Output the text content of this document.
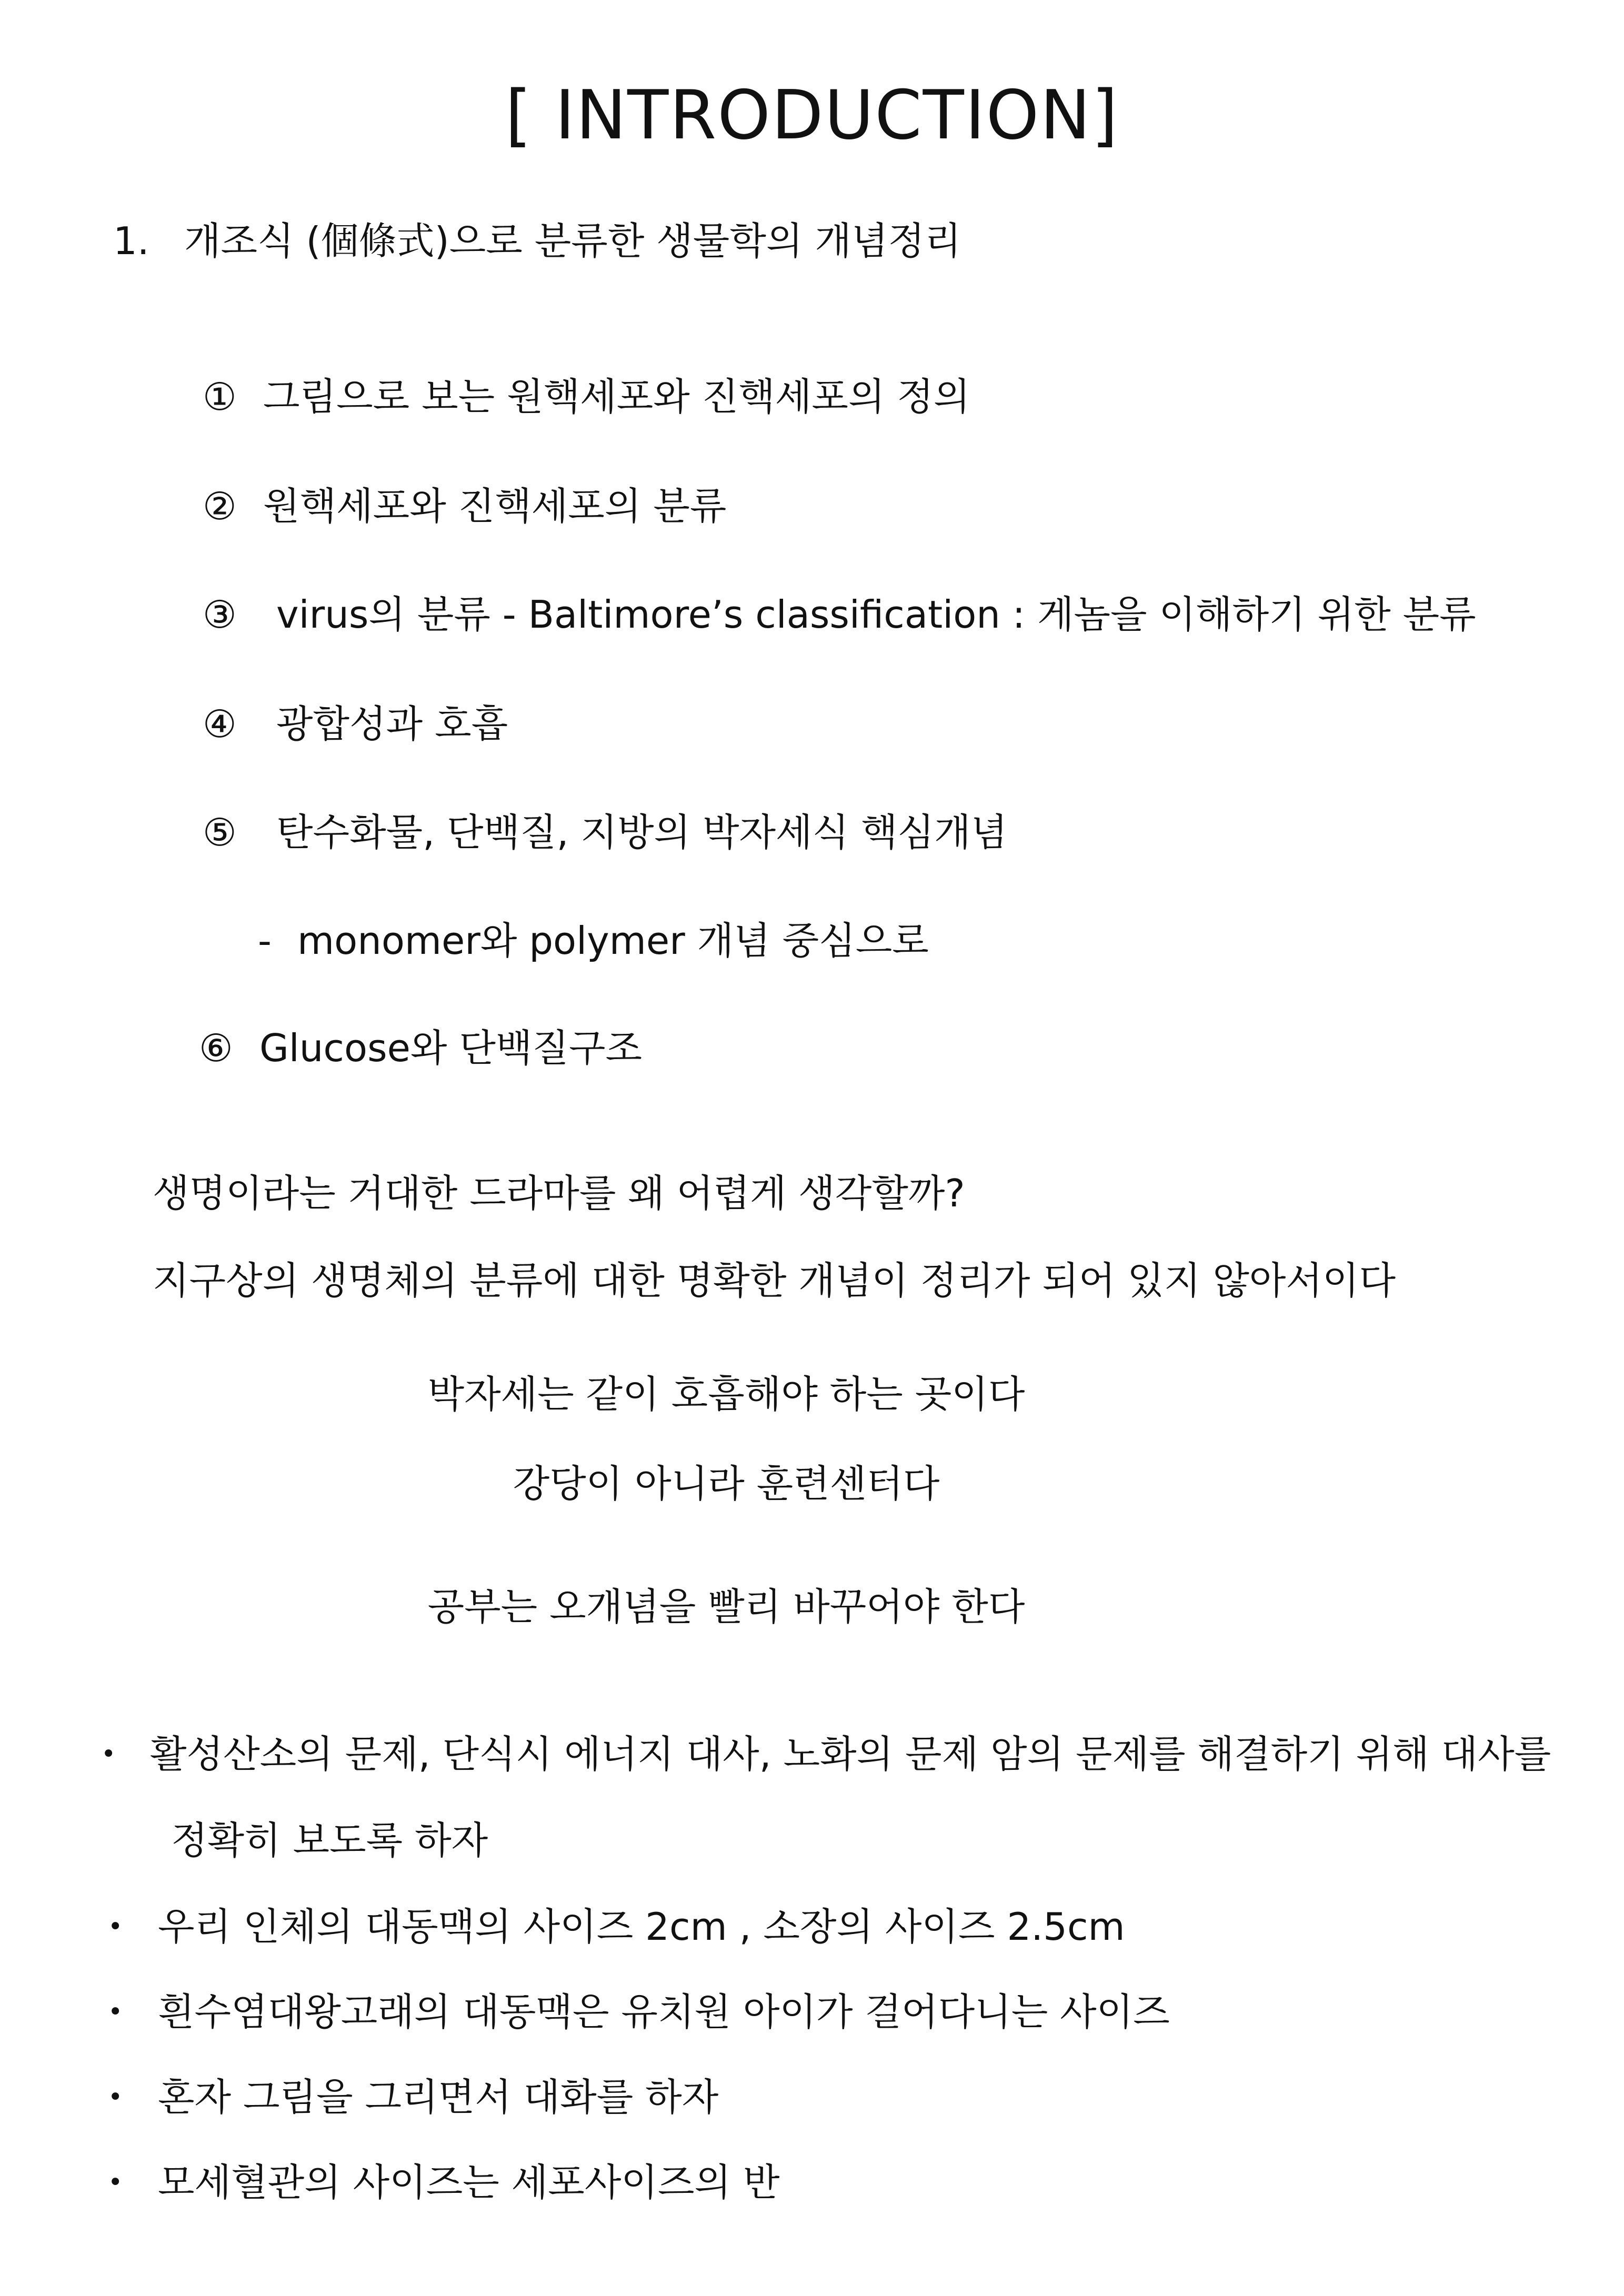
[ INTRODUCTION]
1. 개조식 (個條式)으로 분류한 생물학의 개념정리
① 그림으로 보는 원핵세포와 진핵세포의 정의
② 원핵세포와 진핵세포의 분류
③ virus의 분류 - Baltimore’s classification : 게놈을 이해하기 위한 분류
④ 광합성과 호흡
⑤ 탄수화물, 단백질, 지방의 박자세식 핵심개념
- monomer와 polymer 개념 중심으로
⑥ Glucose와 단백질구조
생명이라는 거대한 드라마를 왜 어렵게 생각할까?
지구상의 생명체의 분류에 대한 명확한 개념이 정리가 되어 있지 않아서이다
박자세는 같이 호흡해야 하는 곳이다
강당이 아니라 훈련센터다
공부는 오개념을 빨리 바꾸어야 한다
• 활성산소의 문제, 단식시 에너지 대사, 노화의 문제 암의 문제를 해결하기 위해 대사를
정확히 보도록 하자
• 우리 인체의 대동맥의 사이즈 2cm , 소장의 사이즈 2.5cm
• 흰수염대왕고래의 대동맥은 유치원 아이가 걸어다니는 사이즈
• 혼자 그림을 그리면서 대화를 하자
• 모세혈관의 사이즈는 세포사이즈의 반
